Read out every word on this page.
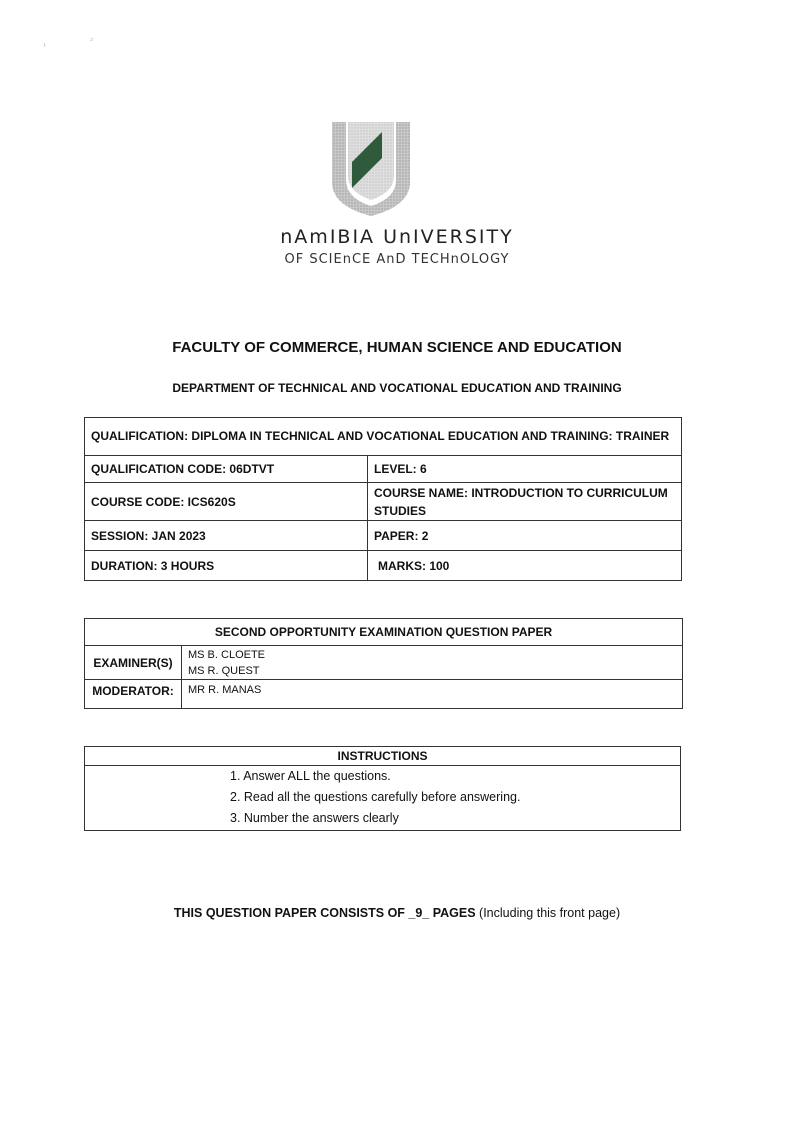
ᵗ
ᵓ
nAmIBIA UnIVERSITY
OF SCIEnCE AnD TECHnOLOGY
FACULTY OF COMMERCE, HUMAN SCIENCE AND EDUCATION
DEPARTMENT OF TECHNICAL AND VOCATIONAL EDUCATION AND TRAINING
QUALIFICATION: DIPLOMA IN TECHNICAL AND VOCATIONAL EDUCATION AND TRAINING: TRAINER	
QUALIFICATION CODE: 06DTVT	LEVEL: 6
COURSE CODE: ICS620S	COURSE NAME: INTRODUCTION TO CURRICULUM STUDIES
SESSION: JAN 2023	PAPER: 2
DURATION: 3 HOURS	MARKS: 100
SECOND OPPORTUNITY EXAMINATION QUESTION PAPER	
EXAMINER(S)	MS B. CLOETE
MS R. QUEST

MODERATOR:	MR R. MANAS
INSTRUCTIONS

1. Answer ALL the questions.
2. Read all the questions carefully before answering.
3. Number the answers clearly
THIS QUESTION PAPER CONSISTS OF _9_ PAGES (Including this front page)
